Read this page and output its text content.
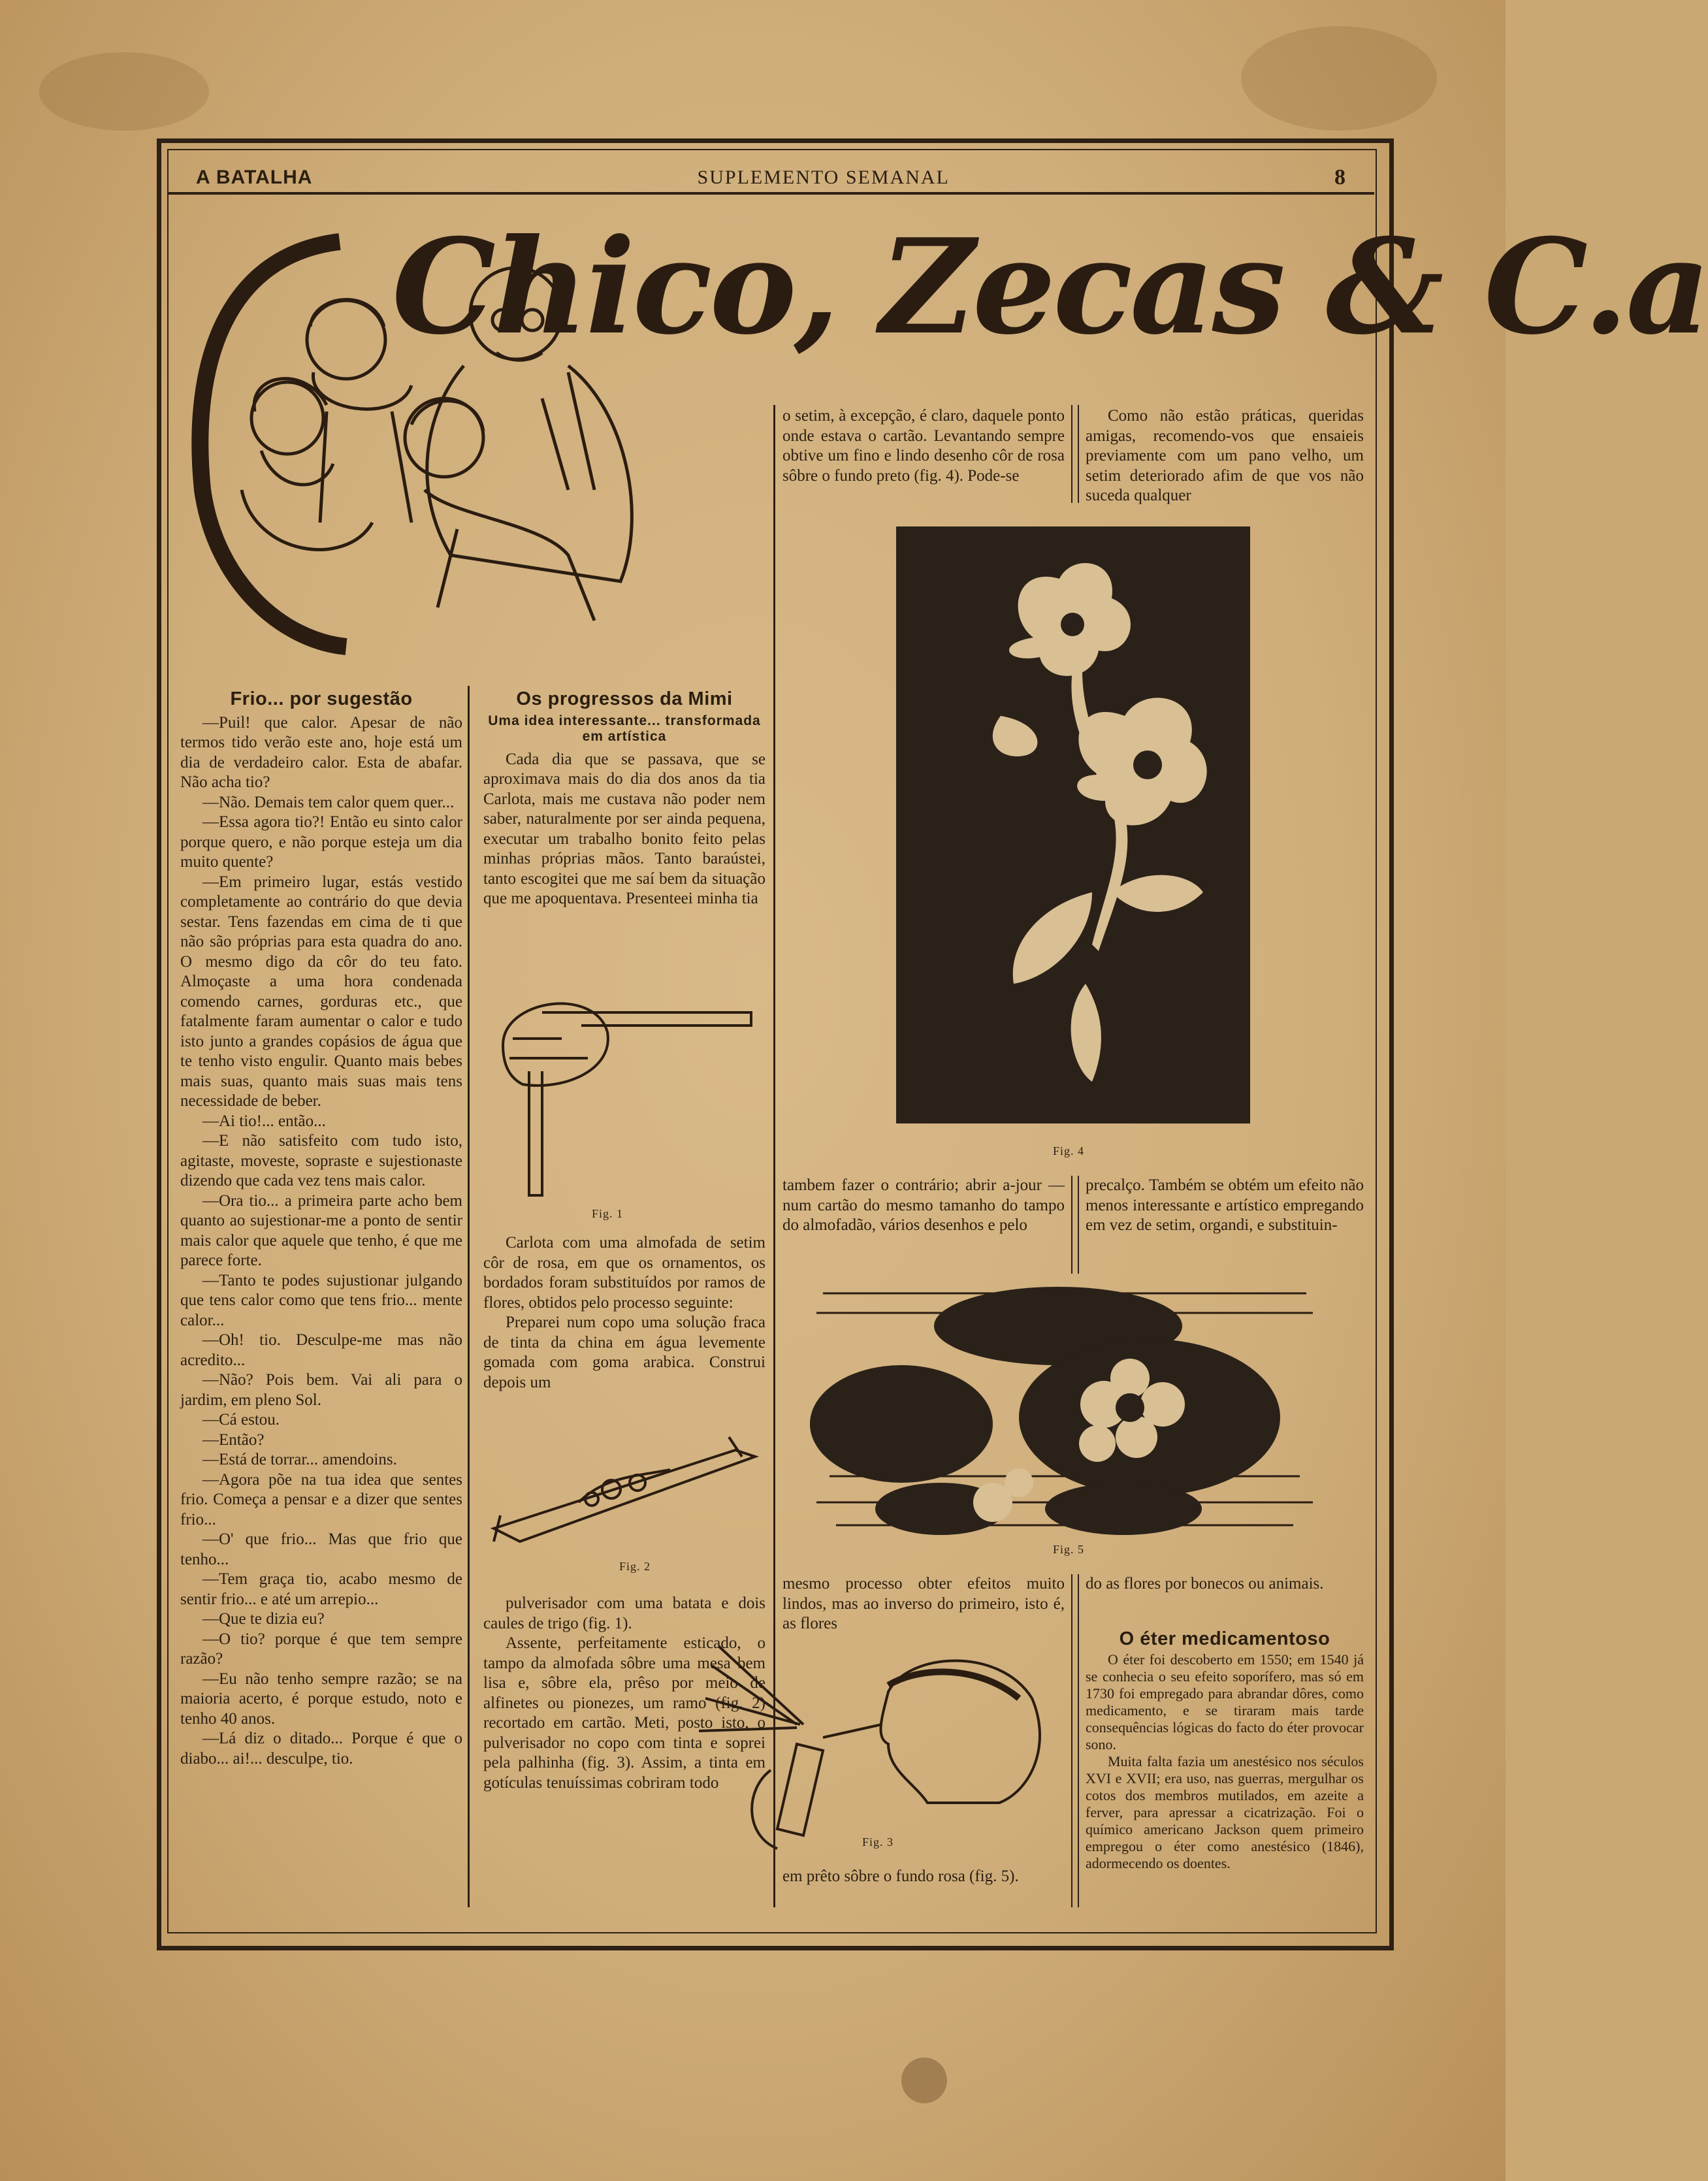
A BATALHA	SUPLEMENTO SEMANAL	8
Chico, Zecas & C.a
Frio... por sugestão

—Puil! que calor. Apesar de não termos tido verão este ano, hoje está um dia de verdadeiro calor. Esta de abafar. Não acha tio?

—Não. Demais tem calor quem quer...

—Essa agora tio?! Então eu sinto calor porque quero, e não porque esteja um dia muito quente?

—Em primeiro lugar, estás vestido completamente ao contrário do que devia sestar. Tens fazendas em cima de ti que não são próprias para esta quadra do ano. O mesmo digo da côr do teu fato. Almoçaste a uma hora condenada comendo carnes, gorduras etc., que fatalmente faram aumentar o calor e tudo isto junto a grandes copásios de água que te tenho visto engulir. Quanto mais bebes mais suas, quanto mais suas mais tens necessidade de beber.

—Ai tio!... então...

—E não satisfeito com tudo isto, agitaste, moveste, sopraste e sujestionaste dizendo que cada vez tens mais calor.

—Ora tio... a primeira parte acho bem quanto ao sujestionar-me a ponto de sentir mais calor que aquele que tenho, é que me parece forte.

—Tanto te podes sujustionar julgando que tens calor como que tens frio... mente calor...

—Oh! tio. Desculpe-me mas não acredito...

—Não? Pois bem. Vai ali para o jardim, em pleno Sol.

—Cá estou.

—Então?

—Está de torrar... amendoins.

—Agora põe na tua idea que sentes frio. Começa a pensar e a dizer que sentes frio...

—O' que frio... Mas que frio que tenho...

—Tem graça tio, acabo mesmo de sentir frio... e até um arrepio...

—Que te dizia eu?

—O tio? porque é que tem sempre razão?

—Eu não tenho sempre razão; se na maioria acerto, é porque estudo, noto e tenho 40 anos.

—Lá diz o ditado... Porque é que o diabo... ai!... desculpe, tio.

Os progressos da Mimi
Uma idea interessante... transformada em artística

Cada dia que se passava, que se aproximava mais do dia dos anos da tia Carlota, mais me custava não poder nem saber, naturalmente por ser ainda pequena, executar um trabalho bonito feito pelas minhas próprias mãos. Tanto baraústei, tanto escogitei que me saí bem da situação que me apoquentava. Presenteei minha tia

Fig. 1

Carlota com uma almofada de setim côr de rosa, em que os ornamentos, os bordados foram substituídos por ramos de flores, obtidos pelo processo seguinte:

Preparei num copo uma solução fraca de tinta da china em água levemente gomada com goma arabica. Construi depois um

Fig. 2

pulverisador com uma batata e dois caules de trigo (fig. 1).

Assente, perfeitamente esticado, o tampo da almofada sôbre uma mesa bem lisa e, sôbre ela, prêso por meio de alfinetes ou pionezes, um ramo (fig. 2) recortado em cartão. Meti, posto isto, o pulverisador no copo com tinta e soprei pela palhinha (fig. 3). Assim, a tinta em gotículas tenuíssimas cobriram todo

o setim, à excepção, é claro, daquele ponto onde estava o cartão. Levantando sempre obtive um fino e lindo desenho côr de rosa sôbre o fundo preto (fig. 4). Pode-se

Como não estão práticas, queridas amigas, recomendo-vos que ensaieis previamente com um pano velho, um setim deteriorado afim de que vos não suceda qualquer

Fig. 4

tambem fazer o contrário; abrir a-jour — num cartão do mesmo tamanho do tampo do almofadão, vários desenhos e pelo

precalço. Também se obtém um efeito não menos interessante e artístico empregando em vez de setim, organdi, e substituin-

Fig. 5

mesmo processo obter efeitos muito lindos, mas ao inverso do primeiro, isto é, as flores

Fig. 3

em prêto sôbre o fundo rosa (fig. 5).

do as flores por bonecos ou animais.

O éter medicamentoso

O éter foi descoberto em 1550; em 1540 já se conhecia o seu efeito soporífero, mas só em 1730 foi empregado para abrandar dôres, como medicamento, e se tiraram mais tarde consequências lógicas do facto do éter provocar sono.

Muita falta fazia um anestésico nos séculos XVI e XVII; era uso, nas guerras, mergulhar os cotos dos membros mutilados, em azeite a ferver, para apressar a cicatrização. Foi o químico americano Jackson quem primeiro empregou o éter como anestésico (1846), adormecendo os doentes.
